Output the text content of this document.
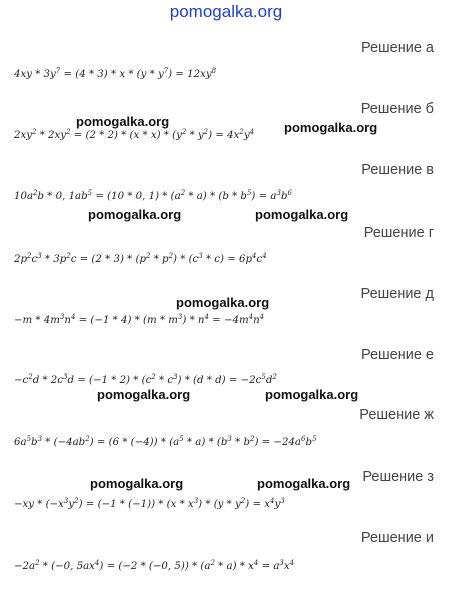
pomogalka.org
Решение а
Решение б
Решение в
Решение г
Решение д
Решение е
Решение ж
Решение з
Решение и
$4xy * 3y^7 = (4 * 3) * x * (y * y^7) = 12xy^8$
$2xy^2 * 2xy^2 = (2 * 2) * (x * x) * (y^2 * y^2) = 4x^2y^4$
$10a^2b * 0$, $1ab^5 = (10 * 0$, $1) * (a^2 * a) * (b * b^5) = a^3b^6$
$2p^2c^3 * 3p^2c = (2 * 3) * (p^2 * p^2) * (c^3 * c) = 6p^4c^4$
$-m * 4m^3n^4 = (-1 * 4) * (m * m^3) * n^4 = -4m^4n^4$
$-c^2d * 2c^3d = (-1 * 2) * (c^2 * c^3) * (d * d) = -2c^5d^2$
$6a^5b^3 * (-4ab^2) = (6 * (-4)) * (a^5 * a) * (b^3 * b^2) = -24a^6b^5$
$-xy * (-x^3y^2) = (-1 * (-1)) * (x * x^3) * (y * y^2) = x^4y^3$
$-2a^2 * (-0$, $5ax^4) = (-2 * (-0$, $5)) * (a^2 * a) * x^4 = a^3x^4$
pomogalka.org	pomogalka.org
pomogalka.org	pomogalka.org
pomogalka.org
pomogalka.org	pomogalka.org
pomogalka.org	pomogalka.org
